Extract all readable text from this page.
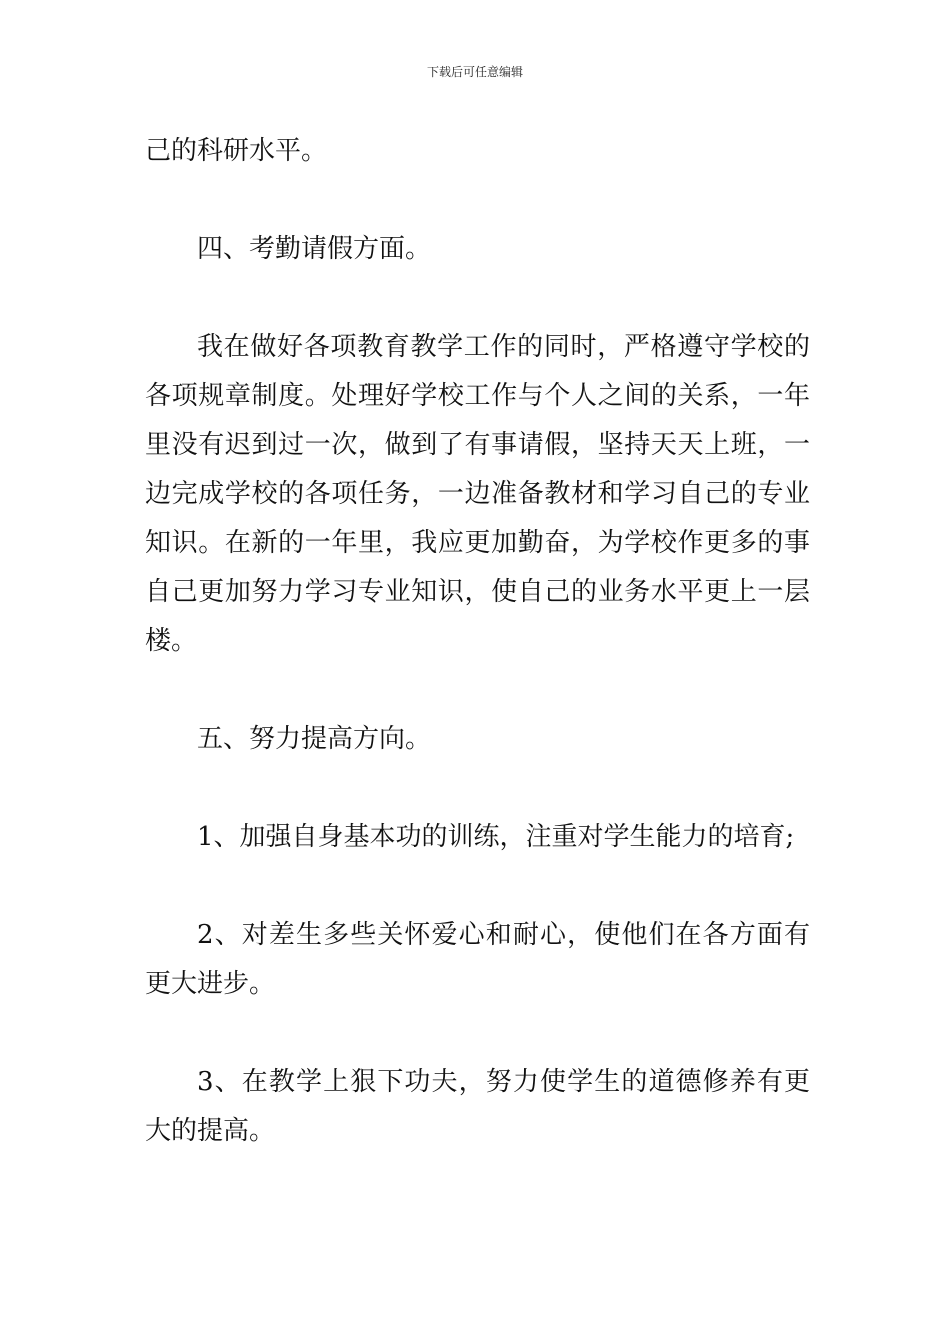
下载后可任意编辑

己的科研水平。

四、考勤请假方面。

我在做好各项教育教学工作的同时，严格遵守学校的各项规章制度。处理好学校工作与个人之间的关系，一年里没有迟到过一次，做到了有事请假，坚持天天上班，一边完成学校的各项任务，一边准备教材和学习自己的专业知识。在新的一年里，我应更加勤奋，为学校作更多的事自己更加努力学习专业知识，使自己的业务水平更上一层楼。

五、努力提高方向。

1、加强自身基本功的训练，注重对学生能力的培育;

2、对差生多些关怀爱心和耐心，使他们在各方面有更大进步。

3、在教学上狠下功夫，努力使学生的道德修养有更大的提高。
